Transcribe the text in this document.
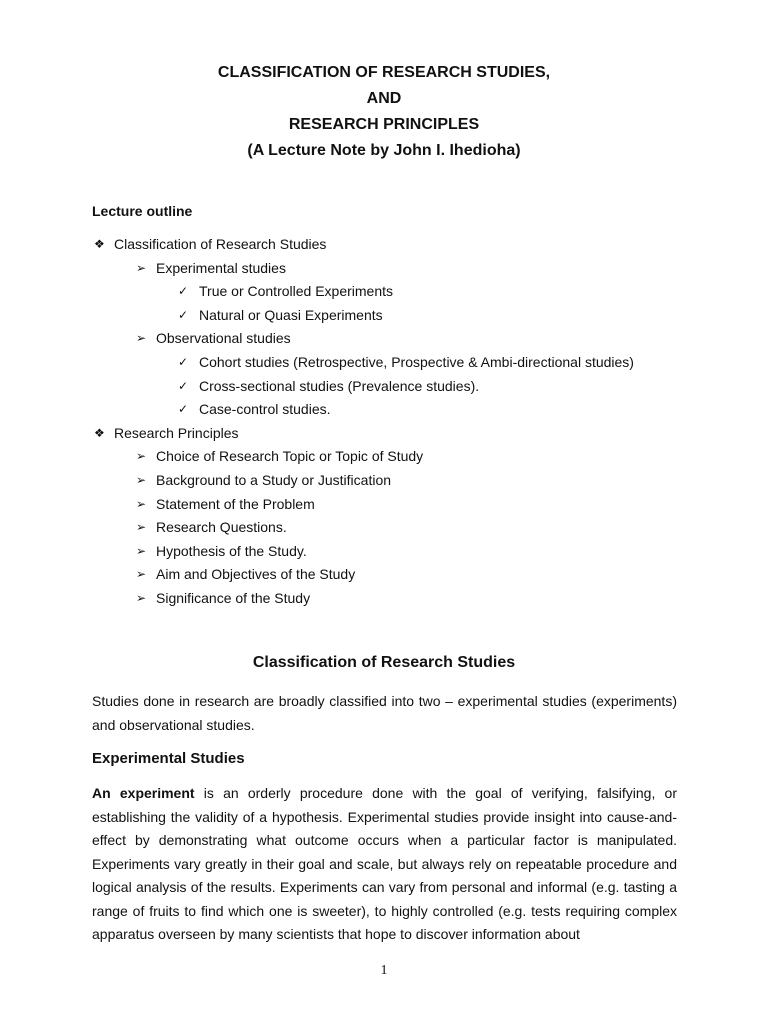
CLASSIFICATION OF RESEARCH STUDIES,
AND
RESEARCH PRINCIPLES
(A Lecture Note by John I. Ihedioha)
Lecture outline
❖ Classification of Research Studies
➢ Experimental studies
✓ True or Controlled Experiments
✓ Natural or Quasi Experiments
➢ Observational studies
✓ Cohort studies (Retrospective, Prospective & Ambi-directional studies)
✓ Cross-sectional studies (Prevalence studies).
✓ Case-control studies.
❖ Research Principles
➢ Choice of Research Topic or Topic of Study
➢ Background to a Study or Justification
➢ Statement of the Problem
➢ Research Questions.
➢ Hypothesis of the Study.
➢ Aim and Objectives of the Study
➢ Significance of the Study
Classification of Research Studies
Studies done in research are broadly classified into two – experimental studies (experiments) and observational studies.
Experimental Studies
An experiment is an orderly procedure done with the goal of verifying, falsifying, or establishing the validity of a hypothesis. Experimental studies provide insight into cause-and-effect by demonstrating what outcome occurs when a particular factor is manipulated. Experiments vary greatly in their goal and scale, but always rely on repeatable procedure and logical analysis of the results. Experiments can vary from personal and informal (e.g. tasting a range of fruits to find which one is sweeter), to highly controlled (e.g. tests requiring complex apparatus overseen by many scientists that hope to discover information about
1
